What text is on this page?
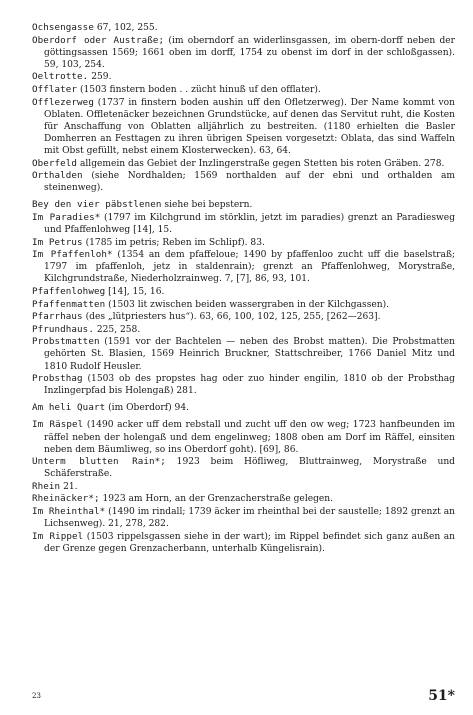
Ochsengasse 67, 102, 255.

Oberdorf oder Austraße; (im oberndorf an widerlinsgassen, im obern-dorff neben der göttingsassen 1569; 1661 oben im dorff, 1754 zu obenst im dorf in der schloßgassen). 59, 103, 254.

Oeltrotte. 259.

Offlater (1503 finstern boden . . zücht hinuß uf den offlater).

Offlezerweg (1737 in finstern boden aushin uff den Ofletzerweg). Der Name kommt von Oblaten. Offletenäcker bezeichnen Grundstücke, auf denen das Servitut ruht, die Kosten für Anschaffung von Oblatten alljährlich zu bestreiten. (1180 erhielten die Basler Domherren an Festtagen zu ihren übrigen Speisen vorgesetzt: Oblata, das sind Waffeln mit Obst gefüllt, nebst einem Klosterwecken). 63, 64.

Oberfeld allgemein das Gebiet der Inzlingerstraße gegen Stetten bis roten Gräben. 278.

Orthalden (siehe Nordhalden; 1569 northalden auf der ebni und orthalden am steinenweg).

Bey den vier päbstlenen siehe bei bepstern.

Im Paradies* (1797 im Kilchgrund im störklin, jetzt im paradies) grenzt an Paradiesweg und Pfaffenlohweg [14], 15.

Im Petrus (1785 im petris; Reben im Schlipf). 83.

Im Pfaffenloh* (1354 an dem pfaffeloue; 1490 by pfaffenloo zucht uff die baselstraß; 1797 im pfaffenloh, jetz in staldenrain); grenzt an Pfaffenlohweg, Morystraße, Kilchgrundstraße, Niederholzrainweg. 7, [7], 86, 93, 101.

Pfaffenlohweg [14], 15, 16.

Pfaffenmatten (1503 lit zwischen beiden wassergraben in der Kilchgassen).

Pfarrhaus (des „lütpriesters hus“). 63, 66, 100, 102, 125, 255, [262—263].

Pfrundhaus. 225, 258.

Probstmatten (1591 vor der Bachtelen — neben des Brobst matten). Die Probstmatten gehörten St. Blasien, 1569 Heinrich Bruckner, Stattschreiber, 1766 Daniel Mitz und 1810 Rudolf Heusler.

Probsthag (1503 ob des propstes hag oder zuo hinder engilin, 1810 ob der Probsthag Inzlingerpfad bis Holengaß) 281.

Am heli Quart (im Oberdorf) 94.

Im Räspel (1490 acker uff dem rebstall und zucht uff den ow weg; 1723 hanfbeunden im räffel neben der holengaß und dem engelinweg; 1808 oben am Dorf im Räffel, einsiten neben dem Bäumliweg, so ins Oberdorf goht). [69], 86.

Unterm blutten Rain*; 1923 beim Höfliweg, Bluttrainweg, Morystraße und Schäferstraße.

Rhein 21.

Rheinäcker*; 1923 am Horn, an der Grenzacherstraße gelegen.

Im Rheinthal* (1490 im rindall; 1739 äcker im rheinthal bei der saustelle; 1892 grenzt an Lichsenweg). 21, 278, 282.

Im Rippel (1503 rippelsgassen siehe in der wart); im Rippel befindet sich ganz außen an der Grenze gegen Grenzacherbann, unterhalb Küngelisrain).

23	51*
